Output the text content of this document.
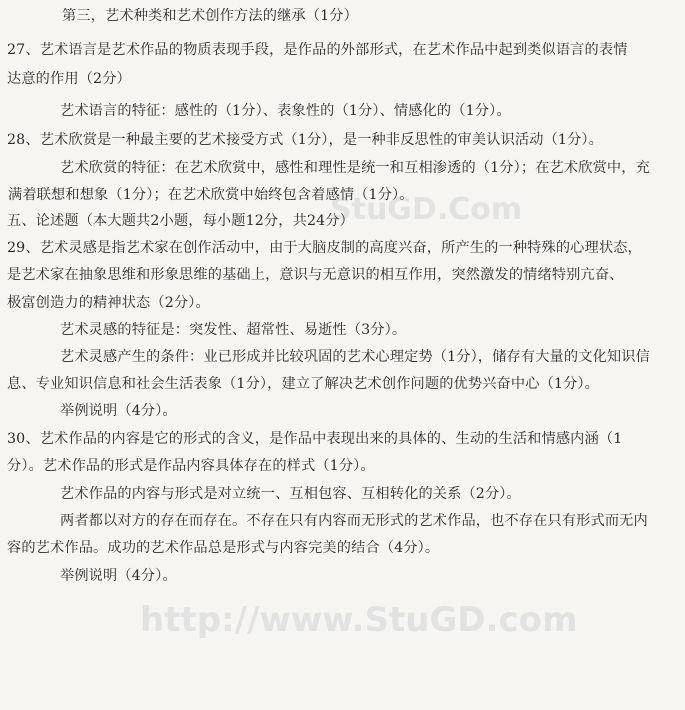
第三，艺术种类和艺术创作方法的继承（1分）
27、艺术语言是艺术作品的物质表现手段，是作品的外部形式，在艺术作品中起到类似语言的表情
达意的作用（2分）
艺术语言的特征：感性的（1分）、表象性的（1分）、情感化的（1分）。
28、艺术欣赏是一种最主要的艺术接受方式（1分），是一种非反思性的审美认识活动（1分）。
艺术欣赏的特征：在艺术欣赏中，感性和理性是统一和互相渗透的（1分）；在艺术欣赏中，充
满着联想和想象（1分）；在艺术欣赏中始终包含着感情（1分）。
五、论述题（本大题共2小题，每小题12分，共24分）
29、艺术灵感是指艺术家在创作活动中，由于大脑皮制的高度兴奋，所产生的一种特殊的心理状态，
是艺术家在抽象思维和形象思维的基础上，意识与无意识的相互作用，突然激发的情绪特别亢奋、
极富创造力的精神状态（2分）。
艺术灵感的特征是：突发性、超常性、易逝性（3分）。
艺术灵感产生的条件：业已形成并比较巩固的艺术心理定势（1分），储存有大量的文化知识信
息、专业知识信息和社会生活表象（1分），建立了解决艺术创作问题的优势兴奋中心（1分）。
举例说明（4分）。
30、艺术作品的内容是它的形式的含义，是作品中表现出来的具体的、生动的生活和情感内涵（1
分）。艺术作品的形式是作品内容具体存在的样式（1分）。
艺术作品的内容与形式是对立统一、互相包容、互相转化的关系（2分）。
两者都以对方的存在而存在。不存在只有内容而无形式的艺术作品，也不存在只有形式而无内
容的艺术作品。成功的艺术作品总是形式与内容完美的结合（4分）。
举例说明（4分）。
StuGD.Com
http://www.StuGD.com
